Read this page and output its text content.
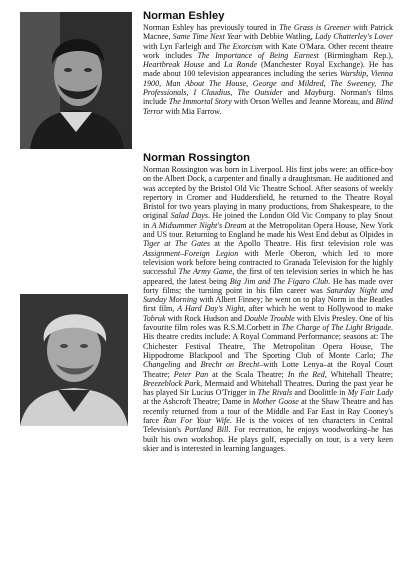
Norman Eshley

Norman Eshley has previously toured in The Grass is Greener with Patrick Macnee, Same Time Next Year with Debbie Watling, Lady Chatterley's Lover with Lyn Farleigh and The Exorcism with Kate O'Mara. Other recent theatre work includes The Importance of Being Earnest (Birmingham Rep.), Heartbreak House and La Ronde (Manchester Royal Exchange). He has made about 100 television appearances including the series Warship, Vienna 1900, Man About The House, George and Mildred, The Sweeney, The Professionals, I Claudius, The Outsider and Mayburg. Norman's films include The Immortal Story with Orson Welles and Jeanne Moreau, and Blind Terror with Mia Farrow.

Norman Rossington

Norman Rossington was born in Liverpool. His first jobs were: an office-boy on the Albert Dock, a carpenter and finally a draughtsman. He auditioned and was accepted by the Bristol Old Vic Theatre School. After seasons of weekly repertory in Cromer and Huddersfield, he returned to the Theatre Royal Bristol for two years playing in many productions, from Shakespeare, to the original Salad Days. He joined the London Old Vic Company to play Snout in A Midsummer Night's Dream at the Metropolitan Opera House, New York and US tour. Returning to England he made his West End debut as Olpides in Tiger at The Gates at the Apollo Theatre. His first television role was Assignment–Foreign Legion with Merle Oberon, which led to more television work before being contracted to Granada Television for the highly successful The Army Game, the first of ten television series in which he has appeared, the latest being Big Jim and The Figaro Club. He has made over forty films; the turning point in his film career was Saturday Night and Sunday Morning with Albert Finney; he went on to play Norm in the Beatles first film, A Hard Day's Night, after which he went to Hollywood to make Tobruk with Rock Hudson and Double Trouble with Elvis Presley. One of his favourite film roles was R.S.M.Corbett in The Charge of The Light Brigade. His theatre credits include: A Royal Command Performance; seasons at: The Chichester Festival Theatre, The Metropolitan Opera House, The Hippodrome Blackpool and The Sporting Club of Monte Carlo; The Changeling and Brecht on Brecht–with Lotte Lenya–at the Royal Court Theatre; Peter Pan at the Scala Theatre; In the Red, Whitehall Theatre; Breezeblock Park, Mermaid and Whitehall Theatres. During the past year he has played Sir Lucius O'Trigger in The Rivals and Doolittle in My Fair Lady at the Ashcroft Theatre; Dame in Mother Goose at the Shaw Theatre and has recently returned from a tour of the Middle and Far East in Ray Cooney's farce Run For Your Wife. He is the voices of ten characters in Central Television's Portland Bill. For recreation, he enjoys woodworking–he has built his own workshop. He plays golf, especially on tour, is a very keen skier and is interested in learning languages.
